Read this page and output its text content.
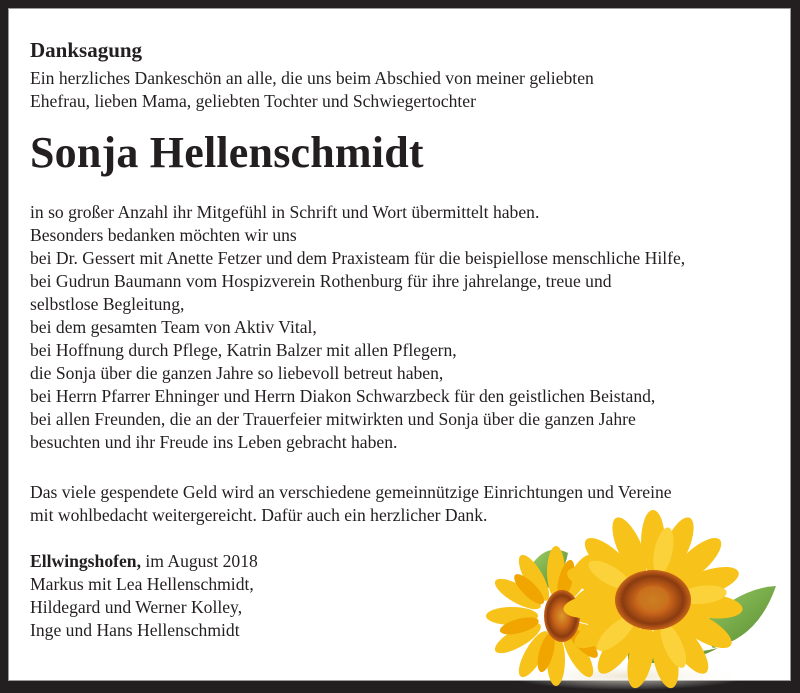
Danksagung
Ein herzliches Dankeschön an alle, die uns beim Abschied von meiner geliebten
Ehefrau, lieben Mama, geliebten Tochter und Schwiegertochter
Sonja Hellenschmidt
in so großer Anzahl ihr Mitgefühl in Schrift und Wort übermittelt haben.
Besonders bedanken möchten wir uns
bei Dr. Gessert mit Anette Fetzer und dem Praxisteam für die beispiellose menschliche Hilfe,
bei Gudrun Baumann vom Hospizverein Rothenburg für ihre jahrelange, treue und
selbstlose Begleitung,
bei dem gesamten Team von Aktiv Vital,
bei Hoffnung durch Pflege, Katrin Balzer mit allen Pflegern,
die Sonja über die ganzen Jahre so liebevoll betreut haben,
bei Herrn Pfarrer Ehninger und Herrn Diakon Schwarzbeck für den geistlichen Beistand,
bei allen Freunden, die an der Trauerfeier mitwirkten und Sonja über die ganzen Jahre
besuchten und ihr Freude ins Leben gebracht haben.
Das viele gespendete Geld wird an verschiedene gemeinnützige Einrichtungen und Vereine
mit wohlbedacht weitergereicht. Dafür auch ein herzlicher Dank.
Ellwingshofen, im August 2018
Markus mit Lea Hellenschmidt,
Hildegard und Werner Kolley,
Inge und Hans Hellenschmidt
